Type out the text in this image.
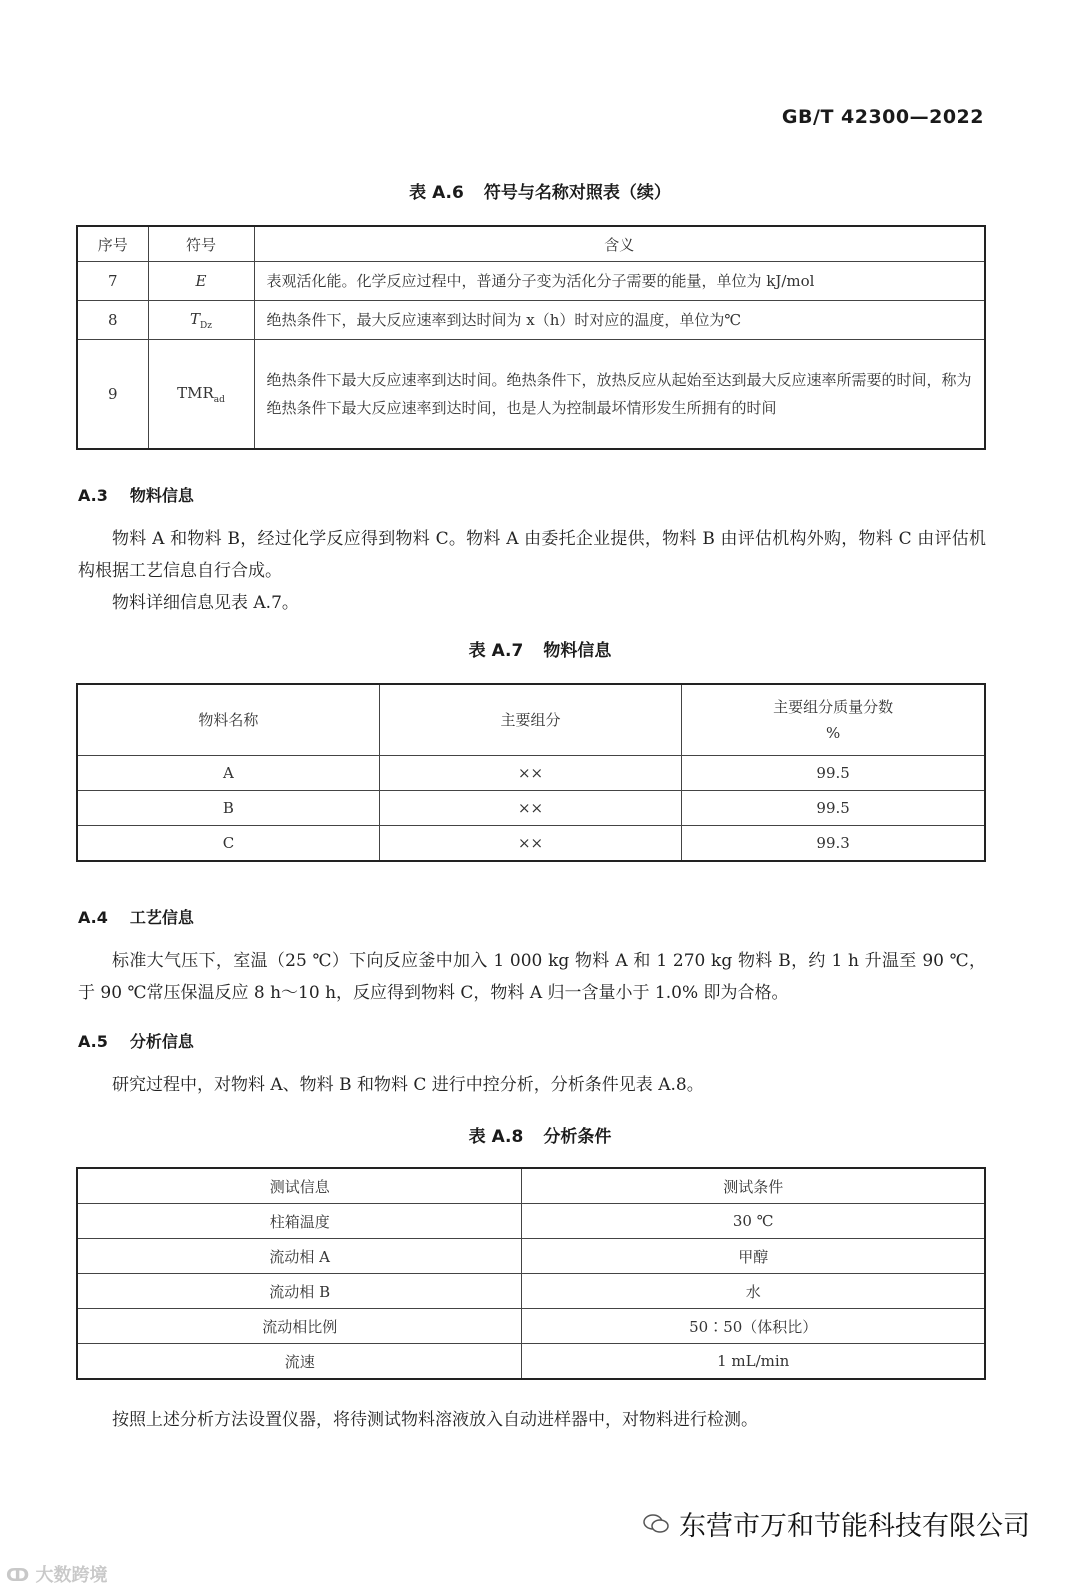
GB/T 42300—2022
表 A.6 符号与名称对照表（续）
序号	符号	含义
7	E	表观活化能。化学反应过程中，普通分子变为活化分子需要的能量，单位为 kJ/mol
8	$T_{Dz}$	绝热条件下，最大反应速率到达时间为 x（h）时对应的温度，单位为℃
9	$TMR_{ad}$	绝热条件下最大反应速率到达时间。绝热条件下，放热反应从起始至达到最大反应速率所需要的时间，称为绝热条件下最大反应速率到达时间，也是人为控制最坏情形发生所拥有的时间
A.3 物料信息

物料 A 和物料 B，经过化学反应得到物料 C。物料 A 由委托企业提供，物料 B 由评估机构外购，物料 C 由评估机构根据工艺信息自行合成。

物料详细信息见表 A.7。

表 A.7 物料信息
物料名称	主要组分	主要组分质量分数
%

A	××	99.5
B	××	99.5
C	××	99.3
A.4 工艺信息

标准大气压下，室温（25 ℃）下向反应釜中加入 1 000 kg 物料 A 和 1 270 kg 物料 B，约 1 h 升温至 90 ℃，于 90 ℃常压保温反应 8 h～10 h，反应得到物料 C，物料 A 归一含量小于 1.0% 即为合格。

A.5 分析信息

研究过程中，对物料 A、物料 B 和物料 C 进行中控分析，分析条件见表 A.8。

表 A.8 分析条件
测试信息	测试条件
柱箱温度	30 ℃
流动相 A	甲醇
流动相 B	水
流动相比例	50∶50（体积比）
流速	1 mL/min

按照上述分析方法设置仪器，将待测试物料溶液放入自动进样器中，对物料进行检测。

东营市万和节能科技有限公司
ↀ 大数跨境
